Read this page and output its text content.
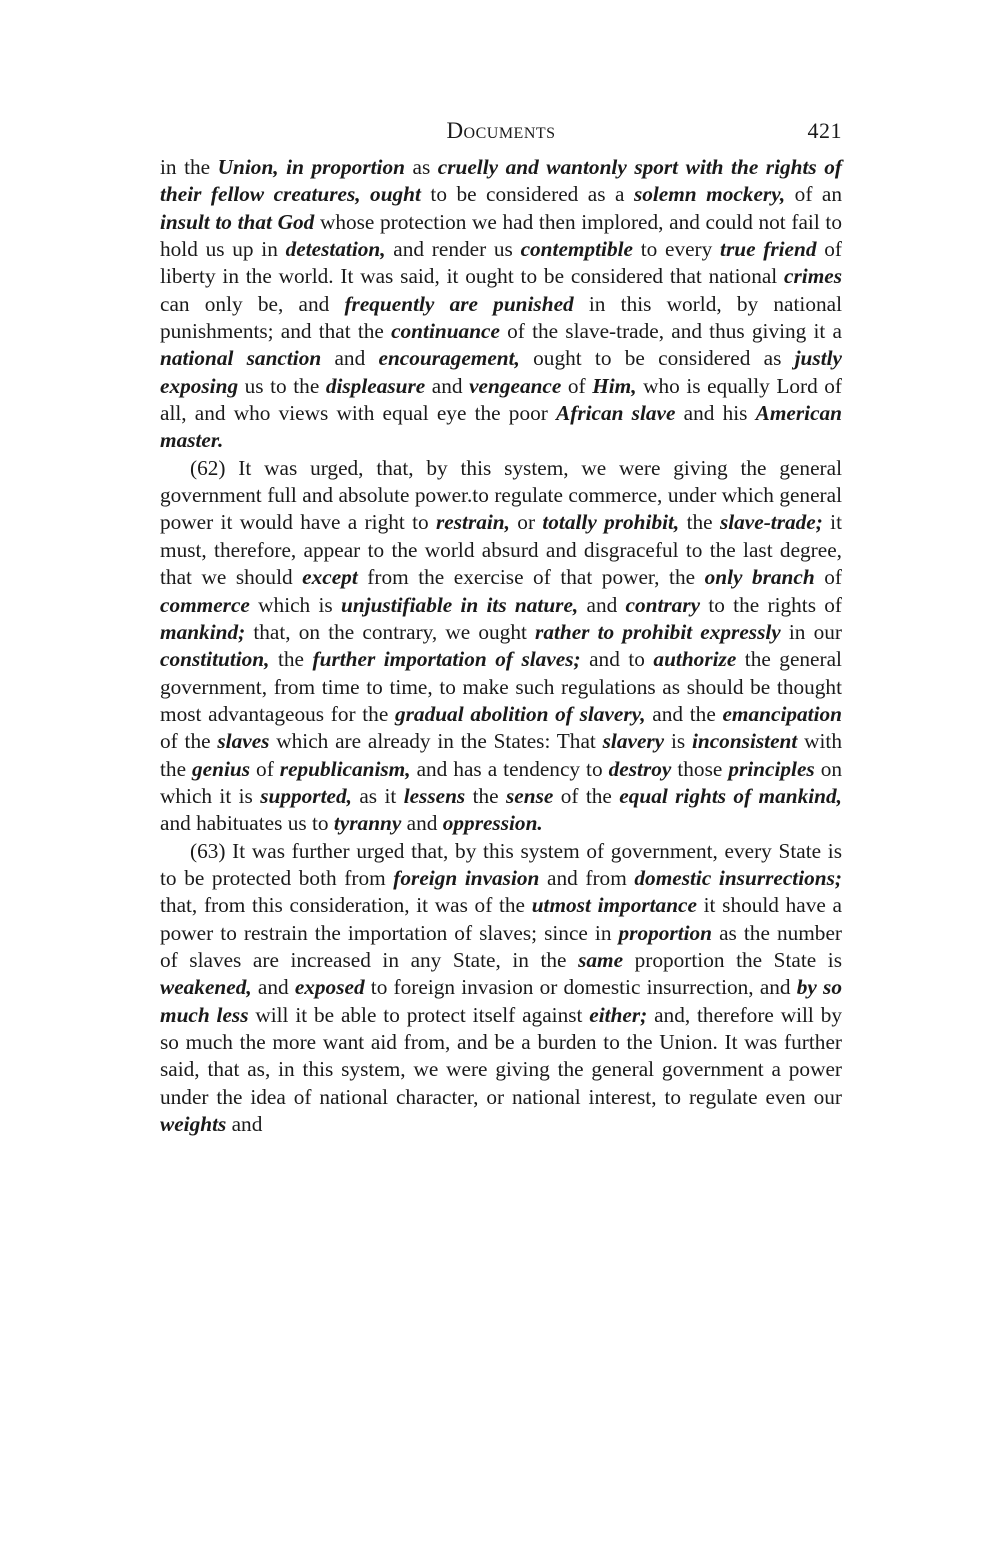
Documents	421

in the Union, in proportion as cruelly and wantonly sport with the rights of their fellow creatures, ought to be considered as a solemn mockery, of an insult to that God whose protection we had then implored, and could not fail to hold us up in detestation, and render us contemptible to every true friend of liberty in the world. It was said, it ought to be considered that national crimes can only be, and frequently are punished in this world, by national punishments; and that the continuance of the slave-trade, and thus giving it a national sanction and encouragement, ought to be considered as justly exposing us to the displeasure and vengeance of Him, who is equally Lord of all, and who views with equal eye the poor African slave and his American master.

(62) It was urged, that, by this system, we were giving the general government full and absolute power.to regulate commerce, under which general power it would have a right to restrain, or totally prohibit, the slave-trade; it must, therefore, appear to the world absurd and disgraceful to the last degree, that we should except from the exercise of that power, the only branch of commerce which is unjustifiable in its nature, and contrary to the rights of mankind; that, on the contrary, we ought rather to prohibit expressly in our constitution, the further importation of slaves; and to authorize the general government, from time to time, to make such regulations as should be thought most advantageous for the gradual abolition of slavery, and the emancipation of the slaves which are already in the States: That slavery is inconsistent with the genius of republicanism, and has a tendency to destroy those principles on which it is supported, as it lessens the sense of the equal rights of mankind, and habituates us to tyranny and oppression.

(63) It was further urged that, by this system of government, every State is to be protected both from foreign invasion and from domestic insurrections; that, from this consideration, it was of the utmost importance it should have a power to restrain the importation of slaves; since in proportion as the number of slaves are increased in any State, in the same proportion the State is weakened, and exposed to foreign invasion or domestic insurrection, and by so much less will it be able to protect itself against either; and, therefore will by so much the more want aid from, and be a burden to the Union. It was further said, that as, in this system, we were giving the general government a power under the idea of national character, or national interest, to regulate even our weights and
